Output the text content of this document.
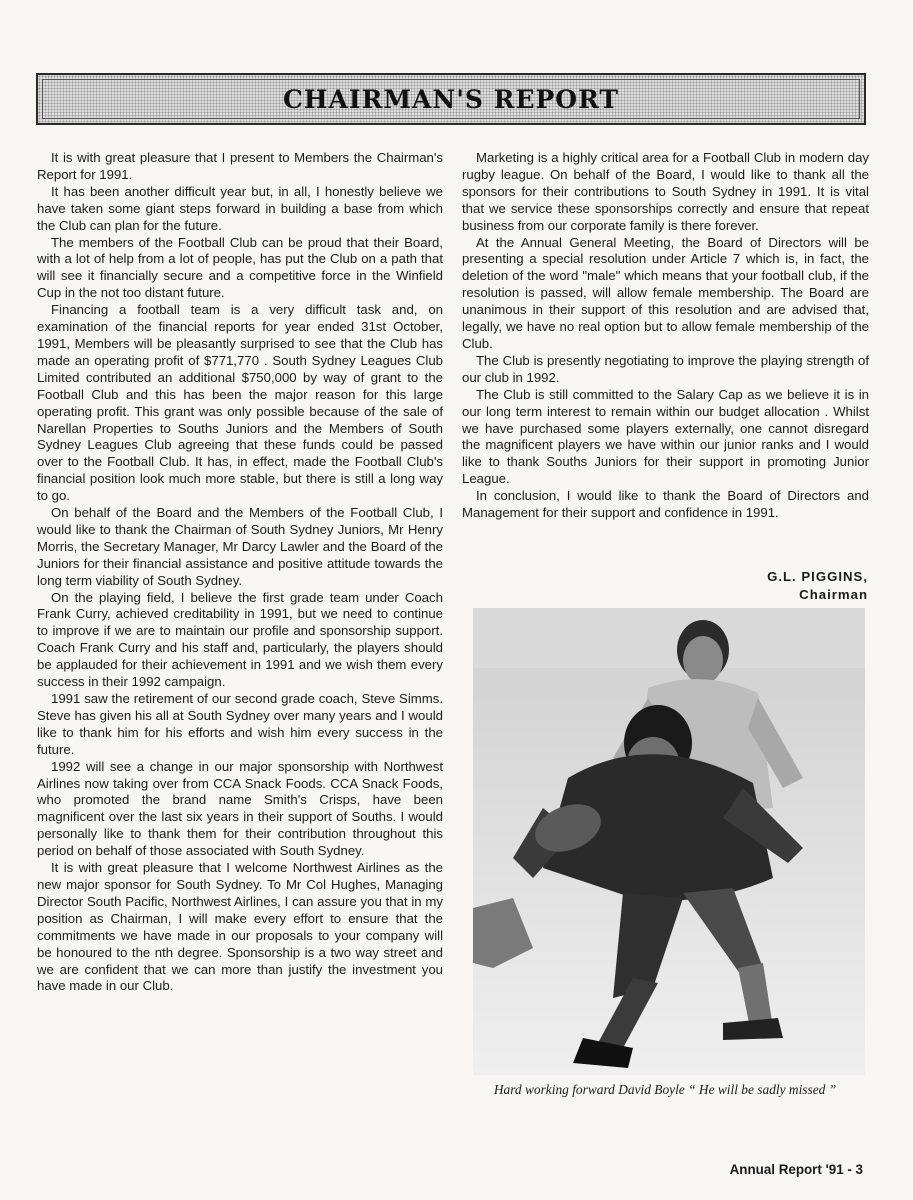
CHAIRMAN'S REPORT

It is with great pleasure that I present to Members the Chairman's Report for 1991.

It has been another difficult year but, in all, I honestly believe we have taken some giant steps forward in building a base from which the Club can plan for the future.

The members of the Football Club can be proud that their Board, with a lot of help from a lot of people, has put the Club on a path that will see it financially secure and a competitive force in the Winfield Cup in the not too distant future.

Financing a football team is a very difficult task and, on examination of the financial reports for year ended 31st October, 1991, Members will be pleasantly surprised to see that the Club has made an operating profit of $771,770 . South Sydney Leagues Club Limited contributed an additional $750,000 by way of grant to the Football Club and this has been the major reason for this large operating profit. This grant was only possible because of the sale of Narellan Properties to Souths Juniors and the Members of South Sydney Leagues Club agreeing that these funds could be passed over to the Football Club. It has, in effect, made the Football Club's financial position look much more stable, but there is still a long way to go.

On behalf of the Board and the Members of the Football Club, I would like to thank the Chairman of South Sydney Juniors, Mr Henry Morris, the Secretary Manager, Mr Darcy Lawler and the Board of the Juniors for their financial assistance and positive attitude towards the long term viability of South Sydney.

On the playing field, I believe the first grade team under Coach Frank Curry, achieved creditability in 1991, but we need to continue to improve if we are to maintain our profile and sponsorship support. Coach Frank Curry and his staff and, particularly, the players should be applauded for their achievement in 1991 and we wish them every success in their 1992 campaign.

1991 saw the retirement of our second grade coach, Steve Simms. Steve has given his all at South Sydney over many years and I would like to thank him for his efforts and wish him every success in the future.

1992 will see a change in our major sponsorship with Northwest Airlines now taking over from CCA Snack Foods. CCA Snack Foods, who promoted the brand name Smith's Crisps, have been magnificent over the last six years in their support of Souths. I would personally like to thank them for their contribution throughout this period on behalf of those associated with South Sydney.

It is with great pleasure that I welcome Northwest Airlines as the new major sponsor for South Sydney. To Mr Col Hughes, Managing Director South Pacific, Northwest Airlines, I can assure you that in my position as Chairman, I will make every effort to ensure that the commitments we have made in our proposals to your company will be honoured to the nth degree. Sponsorship is a two way street and we are confident that we can more than justify the investment you have made in our Club.

Marketing is a highly critical area for a Football Club in modern day rugby league. On behalf of the Board, I would like to thank all the sponsors for their contributions to South Sydney in 1991. It is vital that we service these sponsorships correctly and ensure that repeat business from our corporate family is there forever.

At the Annual General Meeting, the Board of Directors will be presenting a special resolution under Article 7 which is, in fact, the deletion of the word "male" which means that your football club, if the resolution is passed, will allow female membership. The Board are unanimous in their support of this resolution and are advised that, legally, we have no real option but to allow female membership of the Club.

The Club is presently negotiating to improve the playing strength of our club in 1992.

The Club is still committed to the Salary Cap as we believe it is in our long term interest to remain within our budget allocation . Whilst we have purchased some players externally, one cannot disregard the magnificent players we have within our junior ranks and I would like to thank Souths Juniors for their support in promoting Junior League.

In conclusion, I would like to thank the Board of Directors and Management for their support and confidence in 1991.

G.L. PIGGINS,
Chairman
Hard working forward David Boyle “ He will be sadly missed ”
Annual Report '91 - 3
